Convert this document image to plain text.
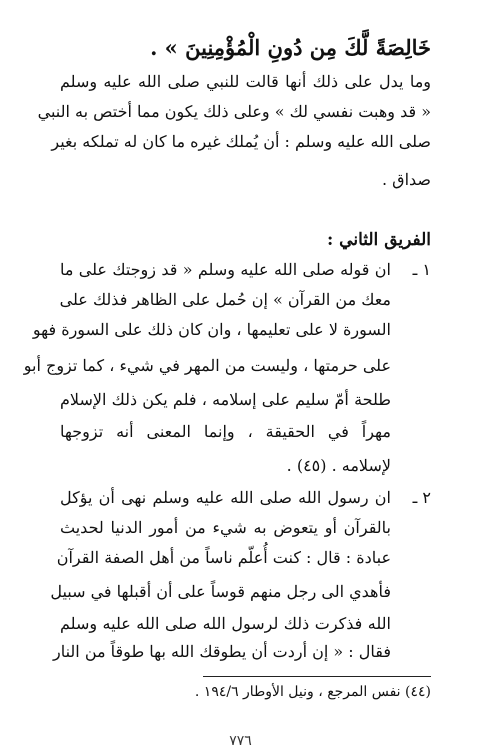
خَالِصَةً لَّكَ مِن دُونِ الْمُؤْمِنِينَ » .
وما يدل على ذلك أنها قالت للنبي صلى الله عليه وسلم
« قد وهبت نفسي لك » وعلى ذلك يكون مما أختص به النبي
صلى الله عليه وسلم : أن يُملك غيره ما كان له تملكه بغير
صداق .
الفريق الثاني :
١ ـ
ان قوله صلى الله عليه وسلم « قد زوجتك على ما
معك من القرآن » إن حُمل على الظاهر فذلك على
السورة لا على تعليمها ، وان كان ذلك على السورة فهو
على حرمتها ، وليست من المهر في شيء ، كما تزوج أبو
طلحة أمّ سليم على إسلامه ، فلم يكن ذلك الإسلام
مهراً في الحقيقة ، وإنما المعنى أنه تزوجها
لإسلامه . (٤٥) .
٢ ـ
ان رسول الله صلى الله عليه وسلم نهى أن يؤكل
بالقرآن أو يتعوض به شيء من أمور الدنيا لحديث
عبادة : قال : كنت أُعلّم ناساً من أهل الصفة القرآن
فأهدي الى رجل منهم قوساً على أن أقبلها في سبيل
الله فذكرت ذلك لرسول الله صلى الله عليه وسلم
فقال : « إن أردت أن يطوقك الله بها طوقاً من النار
(٤٤) نفس المرجع ، ونيل الأوطار ١٩٤/٦ .
٧٧٦
